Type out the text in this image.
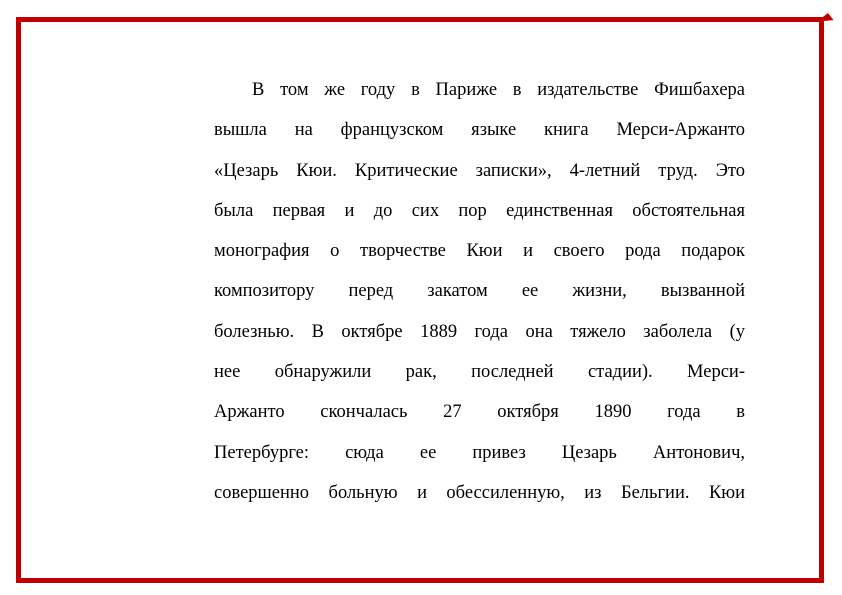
В том же году в Париже в издательстве Фишбахера
вышла на французском языке книга Мерси-Аржанто
«Цезарь Кюи. Критические записки», 4-летний труд. Это
была первая и до сих пор единственная обстоятельная
монография о творчестве Кюи и своего рода подарок
композитору перед закатом ее жизни, вызванной
болезнью. В октябре 1889 года она тяжело заболела (у
нее обнаружили рак, последней стадии). Мерси-
Аржанто скончалась 27 октября 1890 года в
Петербурге: сюда ее привез Цезарь Антонович,
совершенно больную и обессиленную, из Бельгии. Кюи
